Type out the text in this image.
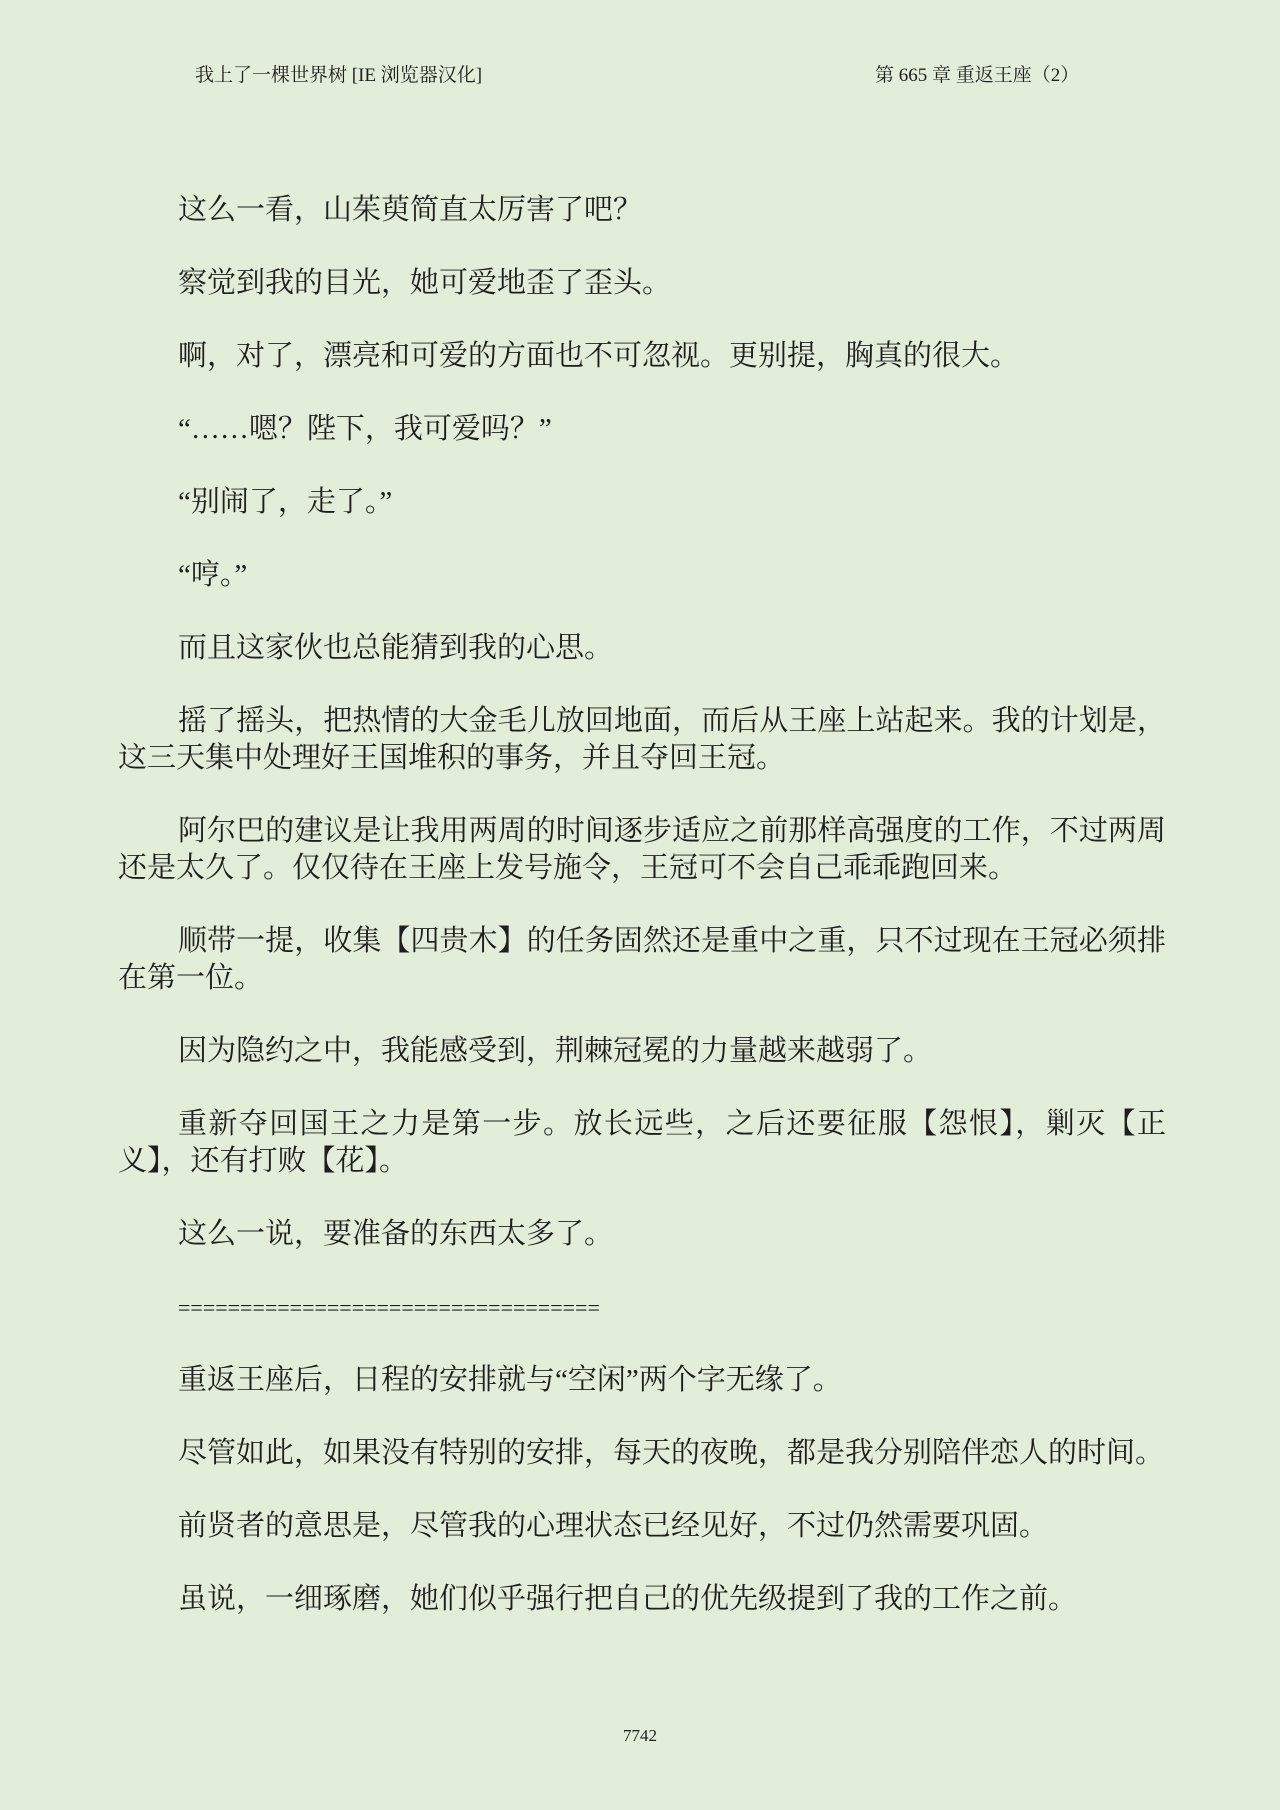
我上了一棵世界树 [IE 浏览器汉化]	第 665 章 重返王座（2）

这么一看，山茱萸简直太厉害了吧？

察觉到我的目光，她可爱地歪了歪头。

啊，对了，漂亮和可爱的方面也不可忽视。更别提，胸真的很大。

“……嗯？陛下，我可爱吗？”

“别闹了，走了。”

“哼。”

而且这家伙也总能猜到我的心思。

摇了摇头，把热情的大金毛儿放回地面，而后从王座上站起来。我的计划是，这三天集中处理好王国堆积的事务，并且夺回王冠。

阿尔巴的建议是让我用两周的时间逐步适应之前那样高强度的工作，不过两周还是太久了。仅仅待在王座上发号施令，王冠可不会自己乖乖跑回来。

顺带一提，收集【四贵木】的任务固然还是重中之重，只不过现在王冠必须排在第一位。

因为隐约之中，我能感受到，荆棘冠冕的力量越来越弱了。

重新夺回国王之力是第一步。放长远些，之后还要征服【怨恨】，剿灭【正义】，还有打败【花】。

这么一说，要准备的东西太多了。

==================================

重返王座后，日程的安排就与“空闲”两个字无缘了。

尽管如此，如果没有特别的安排，每天的夜晚，都是我分别陪伴恋人的时间。

前贤者的意思是，尽管我的心理状态已经见好，不过仍然需要巩固。

虽说，一细琢磨，她们似乎强行把自己的优先级提到了我的工作之前。

7742
